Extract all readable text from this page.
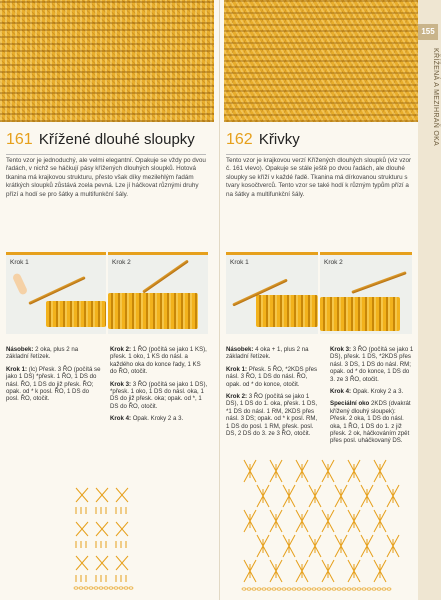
155
KŘÍŽENÁ A MEZIHRAŇ OKA
161 Křížené dlouhé sloupky 162 Křivky
Tento vzor je jednoduchý, ale velmi elegantní. Opakuje se vždy po dvou řadách, v nichž se háčkují pásy křížených dlouhých sloupků. Hotová tkanina má krajkovou strukturu, přesto však díky mezilehlým řadám krátkých sloupků zůstává zcela pevná. Lze jí háčkovat různými druhy přízí a hodí se pro šátky a multifunkční šály.
Tento vzor je krajkovou verzí Křížených dlouhých sloupků (viz vzor č. 161 vlevo). Opakuje se stále ještě po dvou řadách, ale dlouhé sloupky se kříží v každé řadě. Tkanina má dírkovanou strukturu s tvary kosočtverců. Tento vzor se také hodí k různým typům přízí a na šátky a multifunkční šály.
Krok 1	Krok 2	Krok 1	Krok 2

Násobek: 2 oka, plus 2 na základní řetízek.

Krok 1: (lc) Přesk. 3 ŘO (počítá se jako 1 DS) *přesk. 1 ŘO, 1 DS do násl. ŘO, 1 DS do již přesk. ŘO; opak. od * k posl. ŘO, 1 DS do posl. ŘO, otočit.

Krok 2: 1 ŘO (počítá se jako 1 KS), přesk. 1 oko, 1 KS do násl. a každého oka do konce řady, 1 KS do ŘO, otočit.

Krok 3: 3 ŘO (počítá se jako 1 DS), *přesk. 1 oko, 1 DS do násl. oka, 1 DS do již přesk. oka; opak. od *, 1 DS do ŘO, otočit.

Krok 4: Opak. Kroky 2 a 3.

Násobek: 4 oka + 1, plus 2 na základní řetízek.

Krok 1: Přesk. 5 ŘO, *2KDS přes násl. 3 ŘO, 1 DS do násl. ŘO, opak. od * do konce, otočit.

Krok 2: 3 ŘO (počítá se jako 1 DS), 1 DS do 1. oka, přesk. 1 DS, *1 DS do násl. 1 RM, 2KDS přes násl. 3 DS; opak. od * k posl. RM, 1 DS do posl. 1 RM, přesk. posl. DS, 2 DS do 3. ze 3 ŘO, otočit.

Krok 3: 3 ŘO (počítá se jako 1 DS), přesk. 1 DS, *2KDS přes násl. 3 DS, 1 DS do násl. RM; opak. od * do konce, 1 DS do 3. ze 3 ŘO, otočit.

Krok 4: Opak. Kroky 2 a 3.

Speciální oko 2KDS (dvakrát křížený dlouhý sloupek): Přesk. 2 oka, 1 DS do násl. oka, 1 ŘO, 1 DS do 1. z již přesk. 2 ok, háčkováním zpět přes posl. uháčkovaný DS.
